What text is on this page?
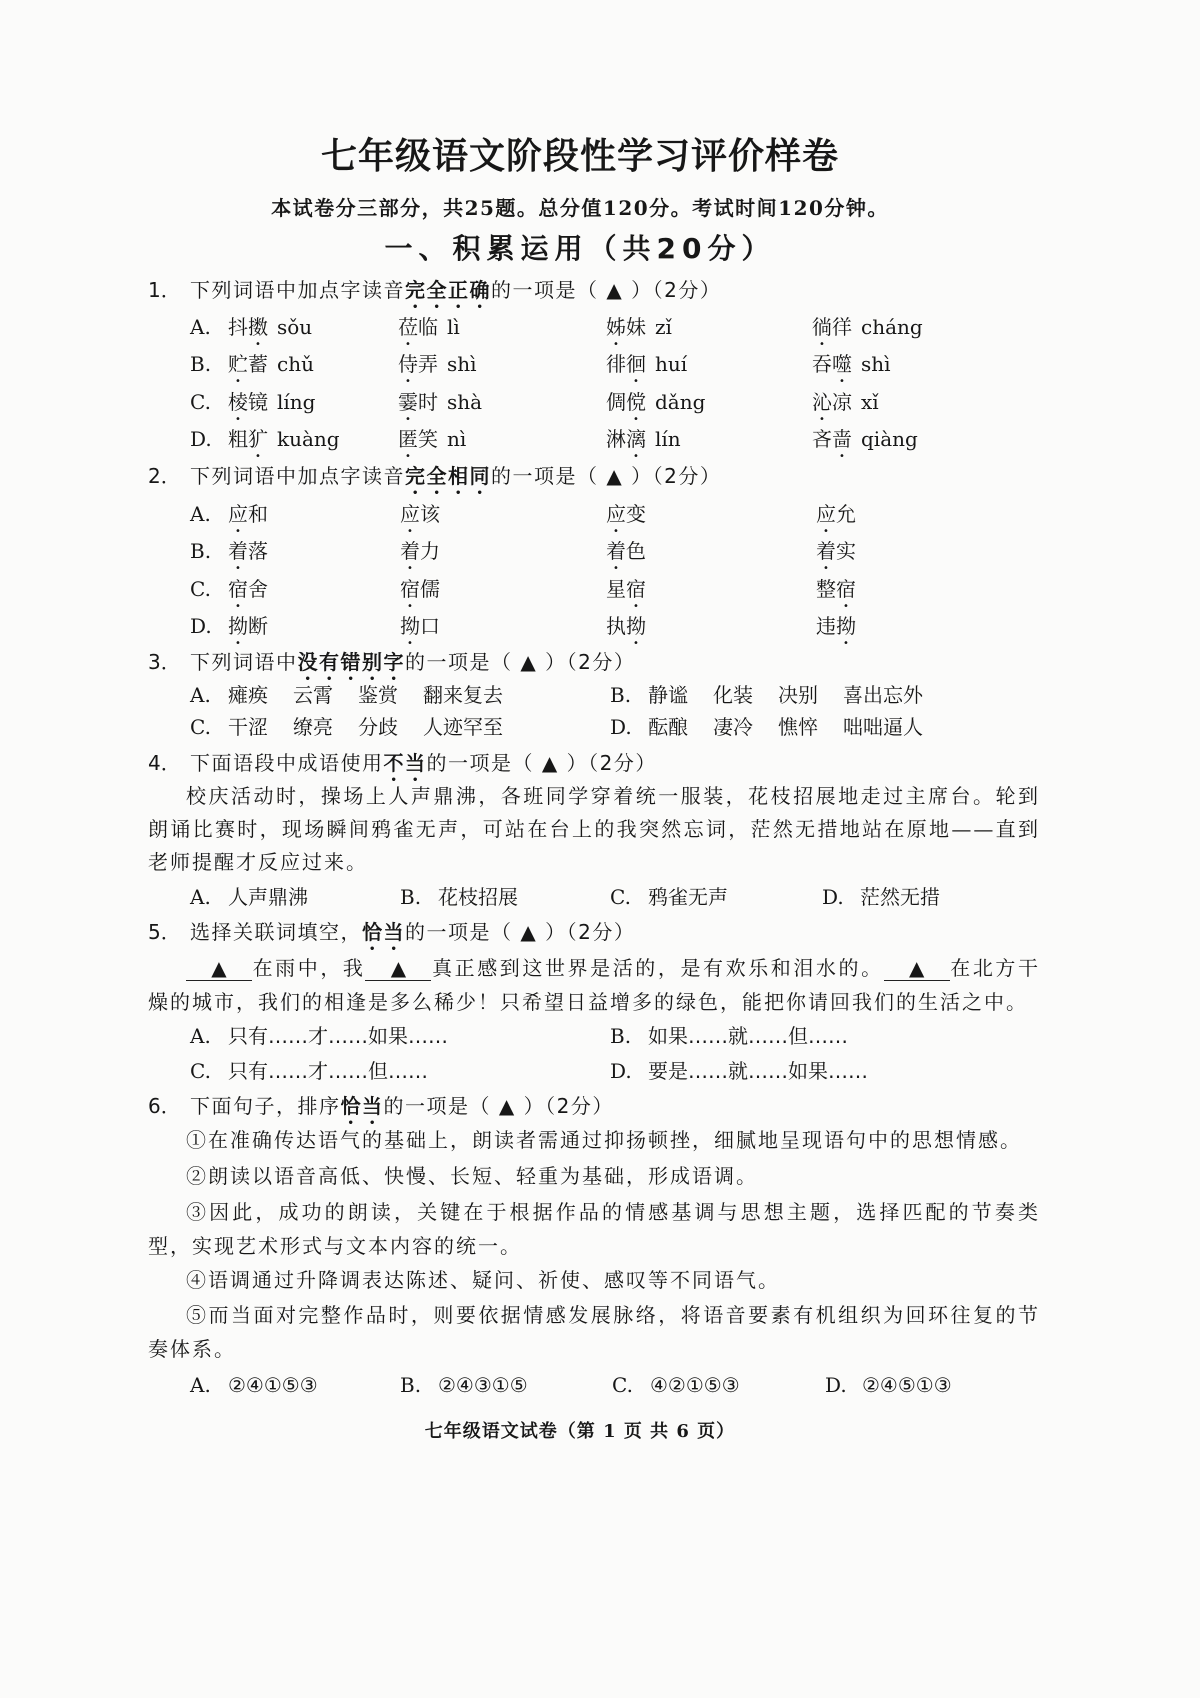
七年级语文阶段性学习评价样卷
本试卷分三部分，共25题。总分值120分。考试时间120分钟。
一、积累运用（共20分）
1． 下列词语中加点字读音完全正确的一项是（ ▲ ）（2分）
A. 抖擞 sǒu	莅临 lì	姊妹 zǐ	徜徉 cháng
B. 贮蓄 chǔ	侍弄 shì	徘徊 huí	吞噬 shì
C. 棱镜 líng	霎时 shà	倜傥 dǎng	沁凉 xǐ
D. 粗犷 kuàng	匿笑 nì	淋漓 lín	吝啬 qiàng
2． 下列词语中加点字读音完全相同的一项是（ ▲ ）（2分）
A. 应和	应该	应变	应允
B. 着落	着力	着色	着实
C. 宿舍	宿儒	星宿	整宿
D. 拗断	拗口	执拗	违拗
3． 下列词语中没有错别字的一项是（ ▲ ）（2分）
A. 瘫痪 云霄 鉴赏 翻来复去	B. 静谧 化装 决别 喜出忘外
C. 干涩 缭亮 分歧 人迹罕至	D. 酝酿 凄冷 憔悴 咄咄逼人
4． 下面语段中成语使用不当的一项是（ ▲ ）（2分）
校庆活动时，操场上人声鼎沸，各班同学穿着统一服装，花枝招展地走过主席台。轮到朗诵比赛时，现场瞬间鸦雀无声，可站在台上的我突然忘词，茫然无措地站在原地——直到老师提醒才反应过来。
A. 人声鼎沸	B. 花枝招展	C. 鸦雀无声	D. 茫然无措
5． 选择关联词填空，恰当的一项是（ ▲ ）（2分）
▲ 在雨中，我 ▲ 真正感到这世界是活的，是有欢乐和泪水的。 ▲ 在北方干燥的城市，我们的相逢是多么稀少！只希望日益增多的绿色，能把你请回我们的生活之中。
A. 只有……才……如果……	B. 如果……就……但……
C. 只有……才……但……	D. 要是……就……如果……
6． 下面句子，排序恰当的一项是（ ▲ ）（2分）
①在准确传达语气的基础上，朗读者需通过抑扬顿挫，细腻地呈现语句中的思想情感。
②朗读以语音高低、快慢、长短、轻重为基础，形成语调。
③因此，成功的朗读，关键在于根据作品的情感基调与思想主题，选择匹配的节奏类型，实现艺术形式与文本内容的统一。
④语调通过升降调表达陈述、疑问、祈使、感叹等不同语气。
⑤而当面对完整作品时，则要依据情感发展脉络，将语音要素有机组织为回环往复的节奏体系。
A. ②④①⑤③	B. ②④③①⑤	C. ④②①⑤③	D. ②④⑤①③
七年级语文试卷（第 1 页 共 6 页）
